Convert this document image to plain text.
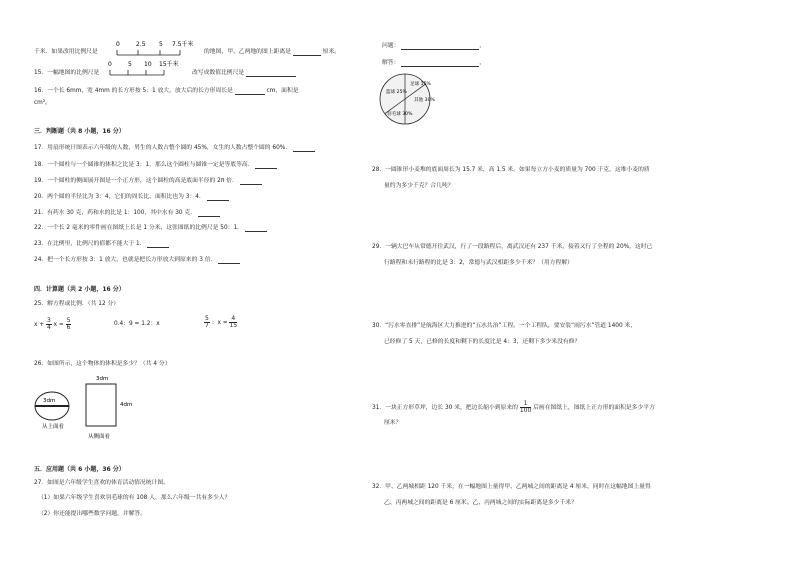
千米．如果改用比例尺是
0	2.5 5 7.5千米
的地图，甲、乙两地的图上距离是	厘米。
15．一幅地图的比例尺是
0	5 10 15千米
改写成数值比例尺是
16．一个长 6mm，宽 4mm 的长方形按 5：1 放大，放大后的长方形周长是	cm，面积是
cm²。
三．判断题（共 8 小题，16 分）
17．用扇形统计图表示六年级的人数，男生的人数占整个圆的 45%，女生的人数占整个圆的 60%．
18．一个圆柱与一个圆锥的体积之比是 3：1，那么这个圆柱与圆锥一定是等底等高．
19．一个圆柱的侧面展开图是一个正方形，这个圆柱的高是底面半径的 2π 倍．
20．两个圆的半径比为 3：4，它们的周长比、面积比也为 3：4．
21．有药水 30 克，药和水的比是 1：100，其中水有 30 克．
22．一个长 2 毫米的零件画在图纸上长是 1 分米，这张图纸的比例尺是 50：1．
23．在比例里，比例尺的值都不能大于 1．
24．把一个长方形按 3：1 放大，也就是把长方形放大到原来的 3 倍．
四．计算题（共 2 小题，16 分）
25．解方程或比例．（共 12 分）
$x + \frac{3}{4}$ $x = \frac{5}{6}$	0.4：9 = 1.2：x	$\frac{5}{7}$ ：$x = \frac{4}{15}$
26．如图所示，这个物体的体积是多少？（共 4 分）
3dm
4dm
3dm
从上面看
从侧面看
五．应用题（共 6 小题，36 分）
27．如图是六年级学生喜欢的体育活动情况统计图。
（1）如果六年级学生喜欢羽毛球的有 108 人，那么六年级一共有多少人？
（2）你还能提出哪些数学问题，并解答。
问题：	，
解答：	，
足球 15%
其他 30%
羽毛球 30%
篮球 25%
28．一圆锥形小麦堆的底面周长为 15.7 米，高 1.5 米。如果每立方小麦的质量为 700 千克，这堆小麦的质
量约为多少千克？合几吨？
29．一辆大巴车从常德开往武汉，行了一段路程后，离武汉还有 237 千米，接着又行了全程的 20%，这时已
行路程和未行路程的比是 3：2，常德与武汉相距多少千米？（用方程解）
30．“污水零直排”是航海区大力推进的“五水共治”工程。一个工程队，要安装“雨污水”管道 1400 米，
已经修了 5 天，已修的长度和剩下的长度比是 4：3，还剩下多少米没有修？
31．一块正方形草坪，边长 30 米，把边长缩小到原来的 $\frac{1}{100}$ 后画在图纸上，图纸上正方形的面积是多少平方
厘米？
32．甲、乙两城相距 120 千米，在一幅地图上量得甲、乙两城之间的距离是 4 厘米，同时在这幅地图上量得
乙、丙两城之间的距离是 6 厘米。乙、丙两城之间的实际距离是多少千米？
